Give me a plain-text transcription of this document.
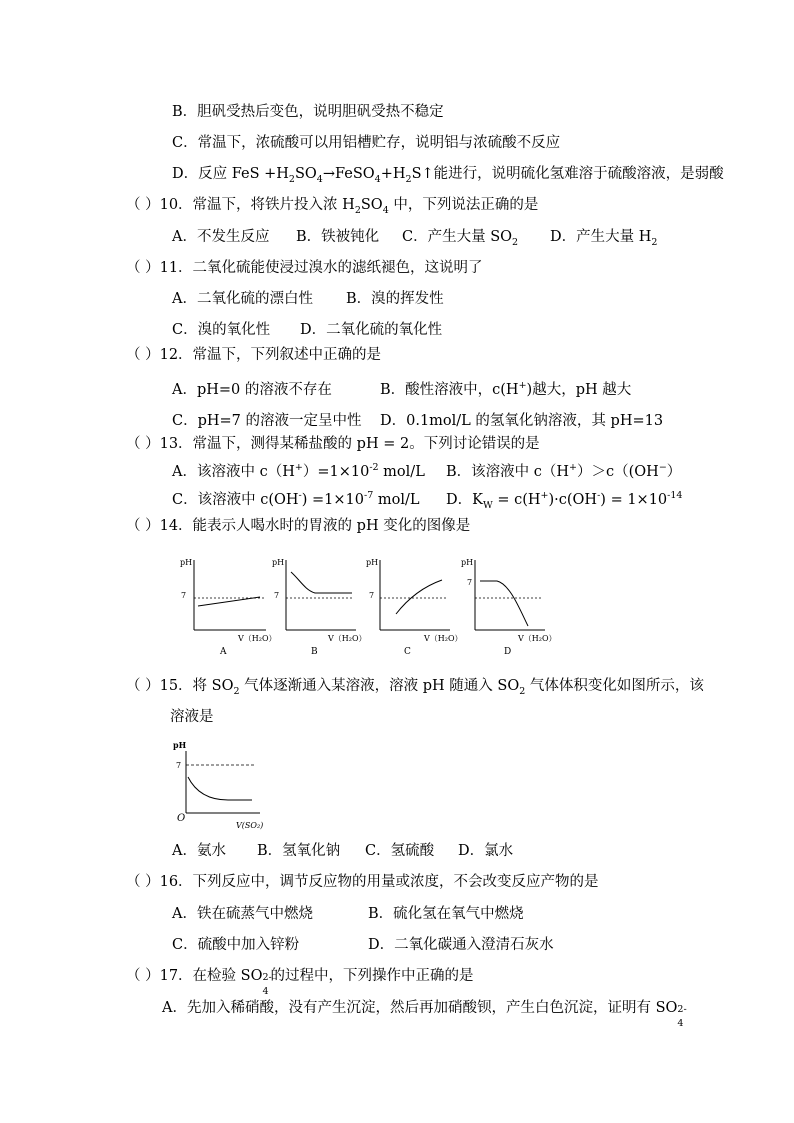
B．胆矾受热后变色，说明胆矾受热不稳定
C．常温下，浓硫酸可以用铝槽贮存，说明铝与浓硫酸不反应
D．反应 FeS $+H_2SO_4\to FeSO_4+H_2S↑$能进行，说明硫化氢难溶于硫酸溶液，是弱酸
（ ）10．常温下，将铁片投入浓 $H_2SO_4$ 中，下列说法正确的是
A．不发生反应 B．铁被钝化 C．产生大量 $SO_2$ D．产生大量 $H_2$
（ ）11．二氧化硫能使浸过溴水的滤纸褪色，这说明了
A．二氧化硫的漂白性 B．溴的挥发性
C．溴的氧化性 D．二氧化硫的氧化性
（ ）12．常温下，下列叙述中正确的是
A．pH=0 的溶液不存在	B．酸性溶液中，c(H+)越大，pH 越大
C．pH=7 的溶液一定呈中性 D．0.1mol/L 的氢氧化钠溶液，其 pH=13
（ ）13．常温下，测得某稀盐酸的 pH = 2。下列讨论错误的是
A．该溶液中 $c(H^+)=1\times 10^{-2}$ mol/L B．该溶液中 c（H+）＞c（(OH−）
C．该溶液中 $c(OH^-) =1\times 10^{-7}$ mol/L D．$K_W = c(H^+)\cdot c(OH^-) = 1\times 10^{-14}$
（ ）14．能表示人喝水时的胃液的 pH 变化的图像是
pH
7
V（H₂O）
A
pH
7
V（H₂O）
B
pH
7
V（H₂O）
C
pH
7
V（H₂O）
D
（ ）15．将 $SO_2$ 气体逐渐通入某溶液，溶液 pH 随通入 $SO_2$ 气体体积变化如图所示，该
溶液是
pH
7
O
V(SO₂)
A．氨水 B．氢氧化钠 C．氢硫酸 D．氯水
（ ）16．下列反应中，调节反应物的用量或浓度，不会改变反应产物的是
A．铁在硫蒸气中燃烧	B．硫化氢在氧气中燃烧
C．硫酸中加入锌粉	D．二氧化碳通入澄清石灰水
（ ）17．在检验 SO 2-
4
的过程中，下列操作中正确的是
A．先加入稀硝酸，没有产生沉淀，然后再加硝酸钡，产生白色沉淀，证明有 SO 2-
4
